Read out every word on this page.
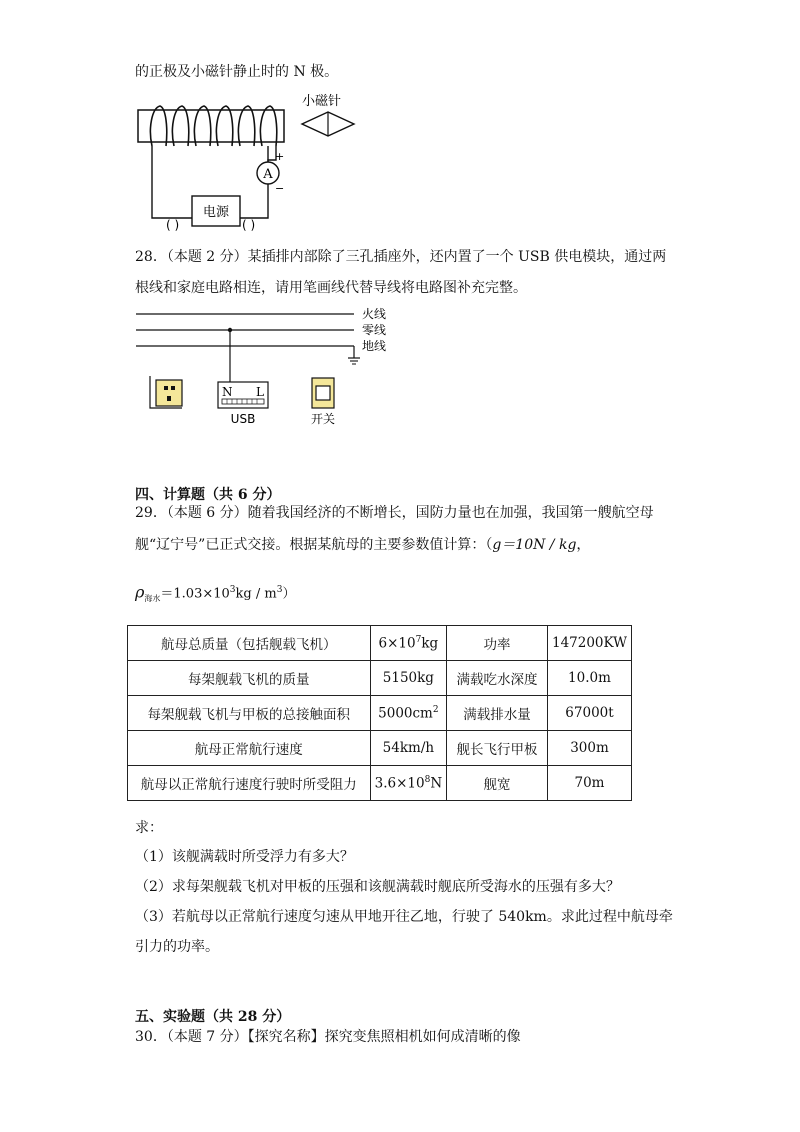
的正极及小磁针静止时的 N 极。
A
+
−
电源
( )	( )
小磁针
28．（本题 2 分）某插排内部除了三孔插座外，还内置了一个 USB 供电模块，通过两
根线和家庭电路相连，请用笔画线代替导线将电路图补充完整。
火线
零线
地线
N L
USB	开关
四、计算题（共 6 分）
29．（本题 6 分）随着我国经济的不断增长，国防力量也在加强，我国第一艘航空母
舰“辽宁号”已正式交接。根据某航母的主要参数值计算：（g＝10N / kg，
$\rho_{海水}=1.03\times 10^3kg / m^3$）
航母总质量（包括舰载飞机）	$6\times 10^7kg$	功率	147200KW
每架舰载飞机的质量	5150kg	满载吃水深度	10.0m
每架舰载飞机与甲板的总接触面积	$5000cm^2$	满载排水量	67000t
航母正常航行速度	54km/h	舰长飞行甲板	300m
航母以正常航行速度行驶时所受阻力	$3.6\times 10^8N$	舰宽	70m
求：
（1）该舰满载时所受浮力有多大？
（2）求每架舰载飞机对甲板的压强和该舰满载时舰底所受海水的压强有多大？
（3）若航母以正常航行速度匀速从甲地开往乙地，行驶了 540km。求此过程中航母牵
引力的功率。
五、实验题（共 28 分）
30．（本题 7 分）【探究名称】探究变焦照相机如何成清晰的像
